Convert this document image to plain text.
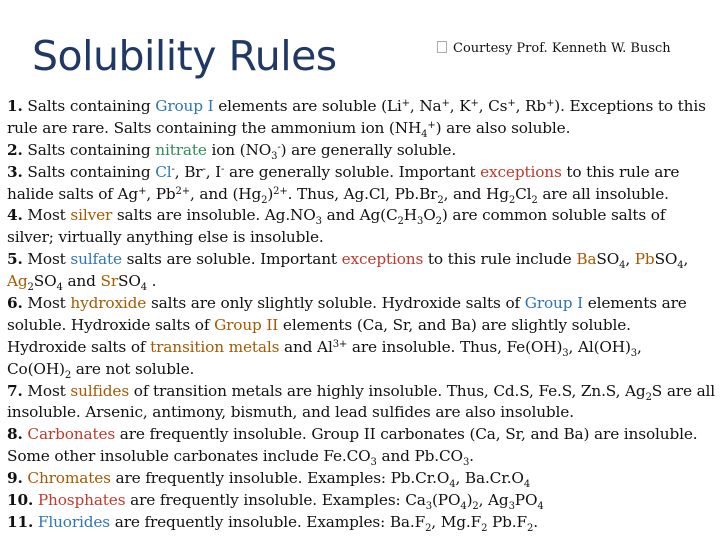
Solubility Rules	Courtesy Prof. Kenneth W. Busch
1. Salts containing Group I elements are soluble (Li+, Na+, K+, Cs+, Rb+). Exceptions to this
rule are rare. Salts containing the ammonium ion $(NH_4^+)$ are also soluble.
2. Salts containing nitrate ion $(NO_3^-)$ are generally soluble.
3. Salts containing Cl-, Br-, I- are generally soluble. Important exceptions to this rule are
halide salts of Ag+, $Pb^{2+}$, and $(Hg_2)^{2+}$. Thus, Ag.Cl, $Pb.Br_2$, and $Hg_2Cl_2$ are all insoluble.
4. Most silver salts are insoluble. $Ag.NO_3$ and $Ag(C_2H_3O_2)$ are common soluble salts of
silver; virtually anything else is insoluble.
5. Most sulfate salts are soluble. Important exceptions to this rule include BaSO$_4$, PbSO$_4$,
$Ag_2SO_4$ and SrSO$_4$ .
6. Most hydroxide salts are only slightly soluble. Hydroxide salts of Group I elements are
soluble. Hydroxide salts of Group II elements (Ca, Sr, and Ba) are slightly soluble.
Hydroxide salts of transition metals and $Al^{3+}$ are insoluble. Thus, $Fe(OH)_3$, $Al(OH)_3$,
$Co(OH)_2$ are not soluble.
7. Most sulfides of transition metals are highly insoluble. Thus, Cd.S, Fe.S, Zn.S, $Ag_2S$ are all
insoluble. Arsenic, antimony, bismuth, and lead sulfides are also insoluble.
8. Carbonates are frequently insoluble. Group II carbonates (Ca, Sr, and Ba) are insoluble.
Some other insoluble carbonates include $Fe.CO_3$ and $Pb.CO_3$.
9. Chromates are frequently insoluble. Examples: $Pb.Cr.O_4$, $Ba.Cr.O_4$
10. Phosphates are frequently insoluble. Examples: $Ca_3(PO_4)_2$, $Ag_3PO_4$
11. Fluorides are frequently insoluble. Examples: $Ba.F_2$, $Mg.F_2$ $Pb.F_2$.
